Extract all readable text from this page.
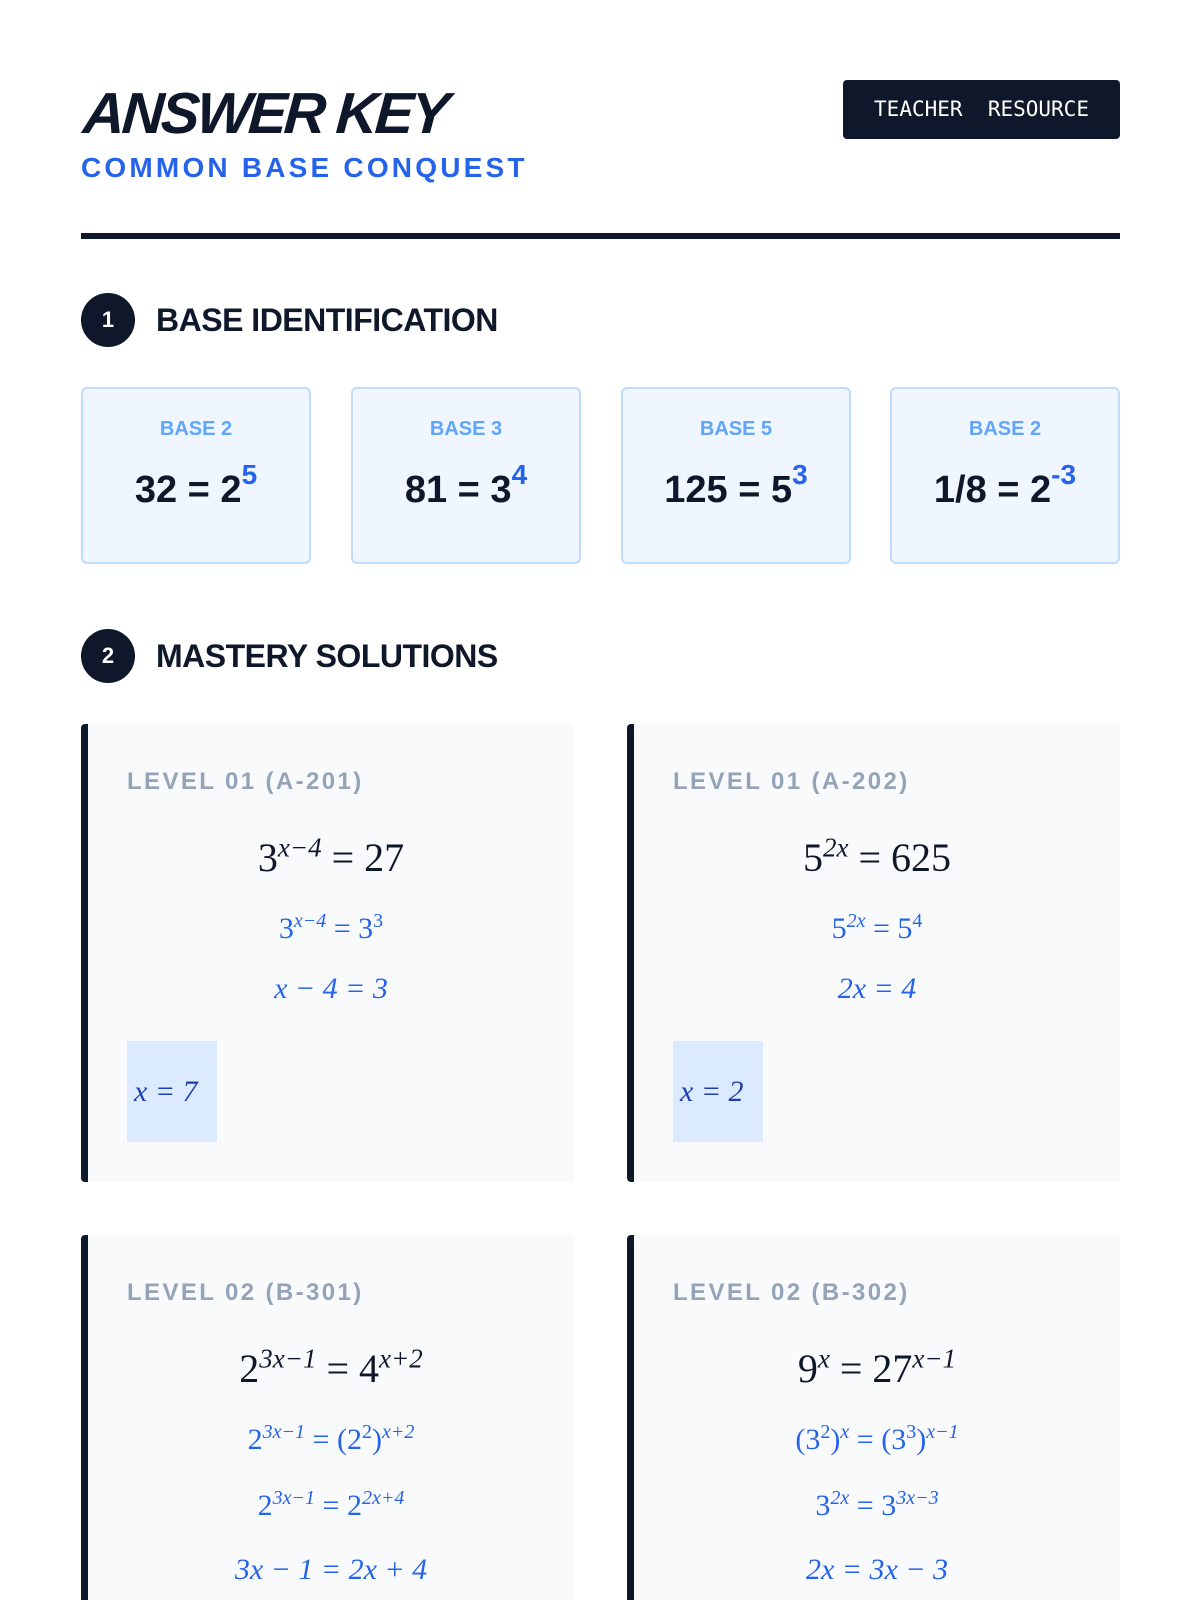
ANSWER KEY
COMMON BASE CONQUEST
TEACHER  RESOURCE
1	BASE IDENTIFICATION
BASE 2
$32 = 2^5$
BASE 3
$81 = 3^4$
BASE 5
$125 = 5^3$
BASE 2
$1/8 = 2^{-3}$
2	MASTERY SOLUTIONS
LEVEL 01 (A-201)
$3^{x-4} = 27$
$3^{x-4} = 3^3$
x − 4 = 3
x = 7
LEVEL 01 (A-202)
$5^{2x} = 625$
$5^{2x} = 5^4$
2x = 4
x = 2
LEVEL 02 (B-301)
$2^{3x-1} = 4^{x+2}$
$2^{3x-1} = (2^2)^{x+2}$
$2^{3x-1} = 2^{2x+4}$
3x − 1 = 2x + 4
LEVEL 02 (B-302)
$9^x = 27^{x-1}$
$(3^2)^x = (3^3)^{x-1}$
$3^{2x} = 3^{3x-3}$
2x = 3x − 3
